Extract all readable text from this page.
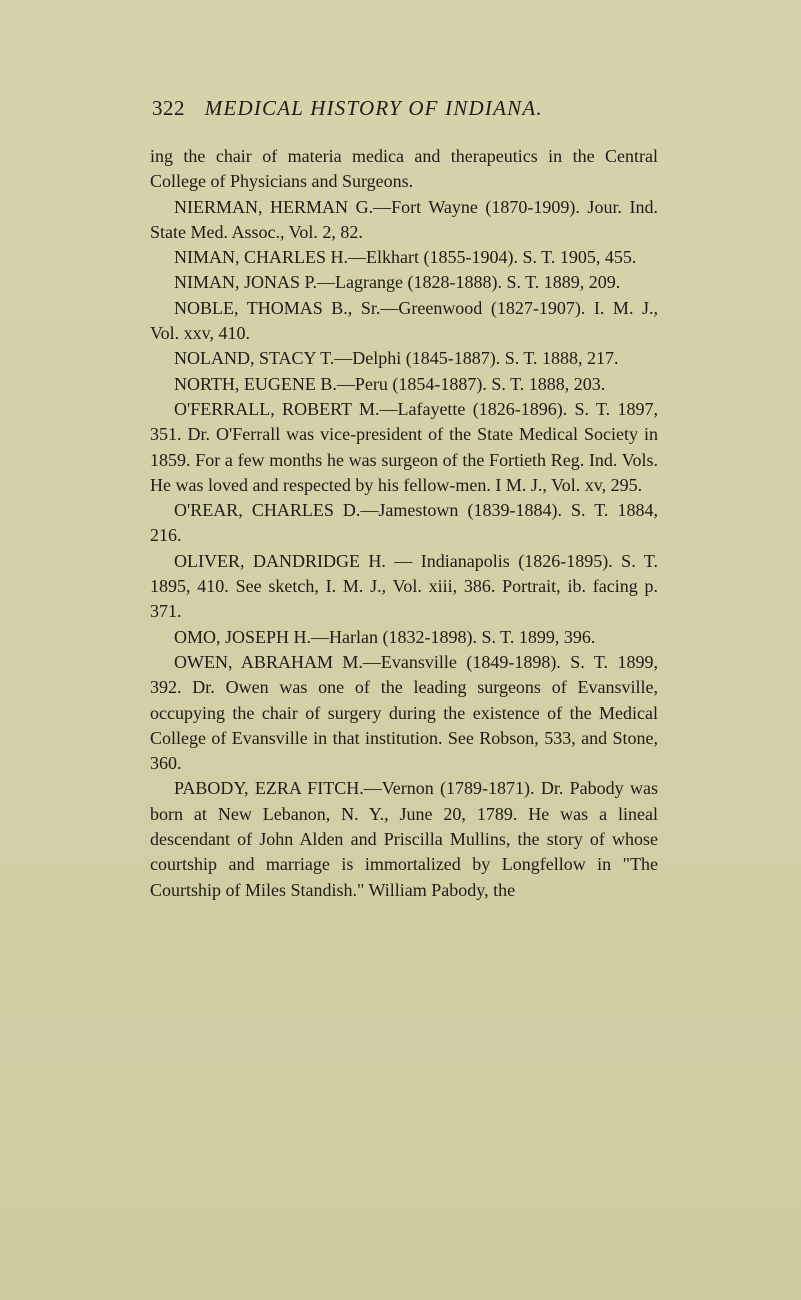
322 MEDICAL HISTORY OF INDIANA.

ing the chair of materia medica and therapeutics in the Central College of Physicians and Surgeons.

NIERMAN, HERMAN G.—Fort Wayne (1870-1909). Jour. Ind. State Med. Assoc., Vol. 2, 82.

NIMAN, CHARLES H.—Elkhart (1855-1904). S. T. 1905, 455.

NIMAN, JONAS P.—Lagrange (1828-1888). S. T. 1889, 209.

NOBLE, THOMAS B., Sr.—Greenwood (1827-1907). I. M. J., Vol. xxv, 410.

NOLAND, STACY T.—Delphi (1845-1887). S. T. 1888, 217.

NORTH, EUGENE B.—Peru (1854-1887). S. T. 1888, 203.

O'FERRALL, ROBERT M.—Lafayette (1826-1896). S. T. 1897, 351. Dr. O'Ferrall was vice-president of the State Medical Society in 1859. For a few months he was surgeon of the Fortieth Reg. Ind. Vols. He was loved and respected by his fellow-men. I M. J., Vol. xv, 295.

O'REAR, CHARLES D.—Jamestown (1839-1884). S. T. 1884, 216.

OLIVER, DANDRIDGE H. — Indianapolis (1826-1895). S. T. 1895, 410. See sketch, I. M. J., Vol. xiii, 386. Portrait, ib. facing p. 371.

OMO, JOSEPH H.—Harlan (1832-1898). S. T. 1899, 396.

OWEN, ABRAHAM M.—Evansville (1849-1898). S. T. 1899, 392. Dr. Owen was one of the leading surgeons of Evansville, occupying the chair of surgery during the existence of the Medical College of Evansville in that institution. See Robson, 533, and Stone, 360.

PABODY, EZRA FITCH.—Vernon (1789-1871). Dr. Pabody was born at New Lebanon, N. Y., June 20, 1789. He was a lineal descendant of John Alden and Priscilla Mullins, the story of whose courtship and marriage is immortalized by Longfellow in "The Courtship of Miles Standish." William Pabody, the
